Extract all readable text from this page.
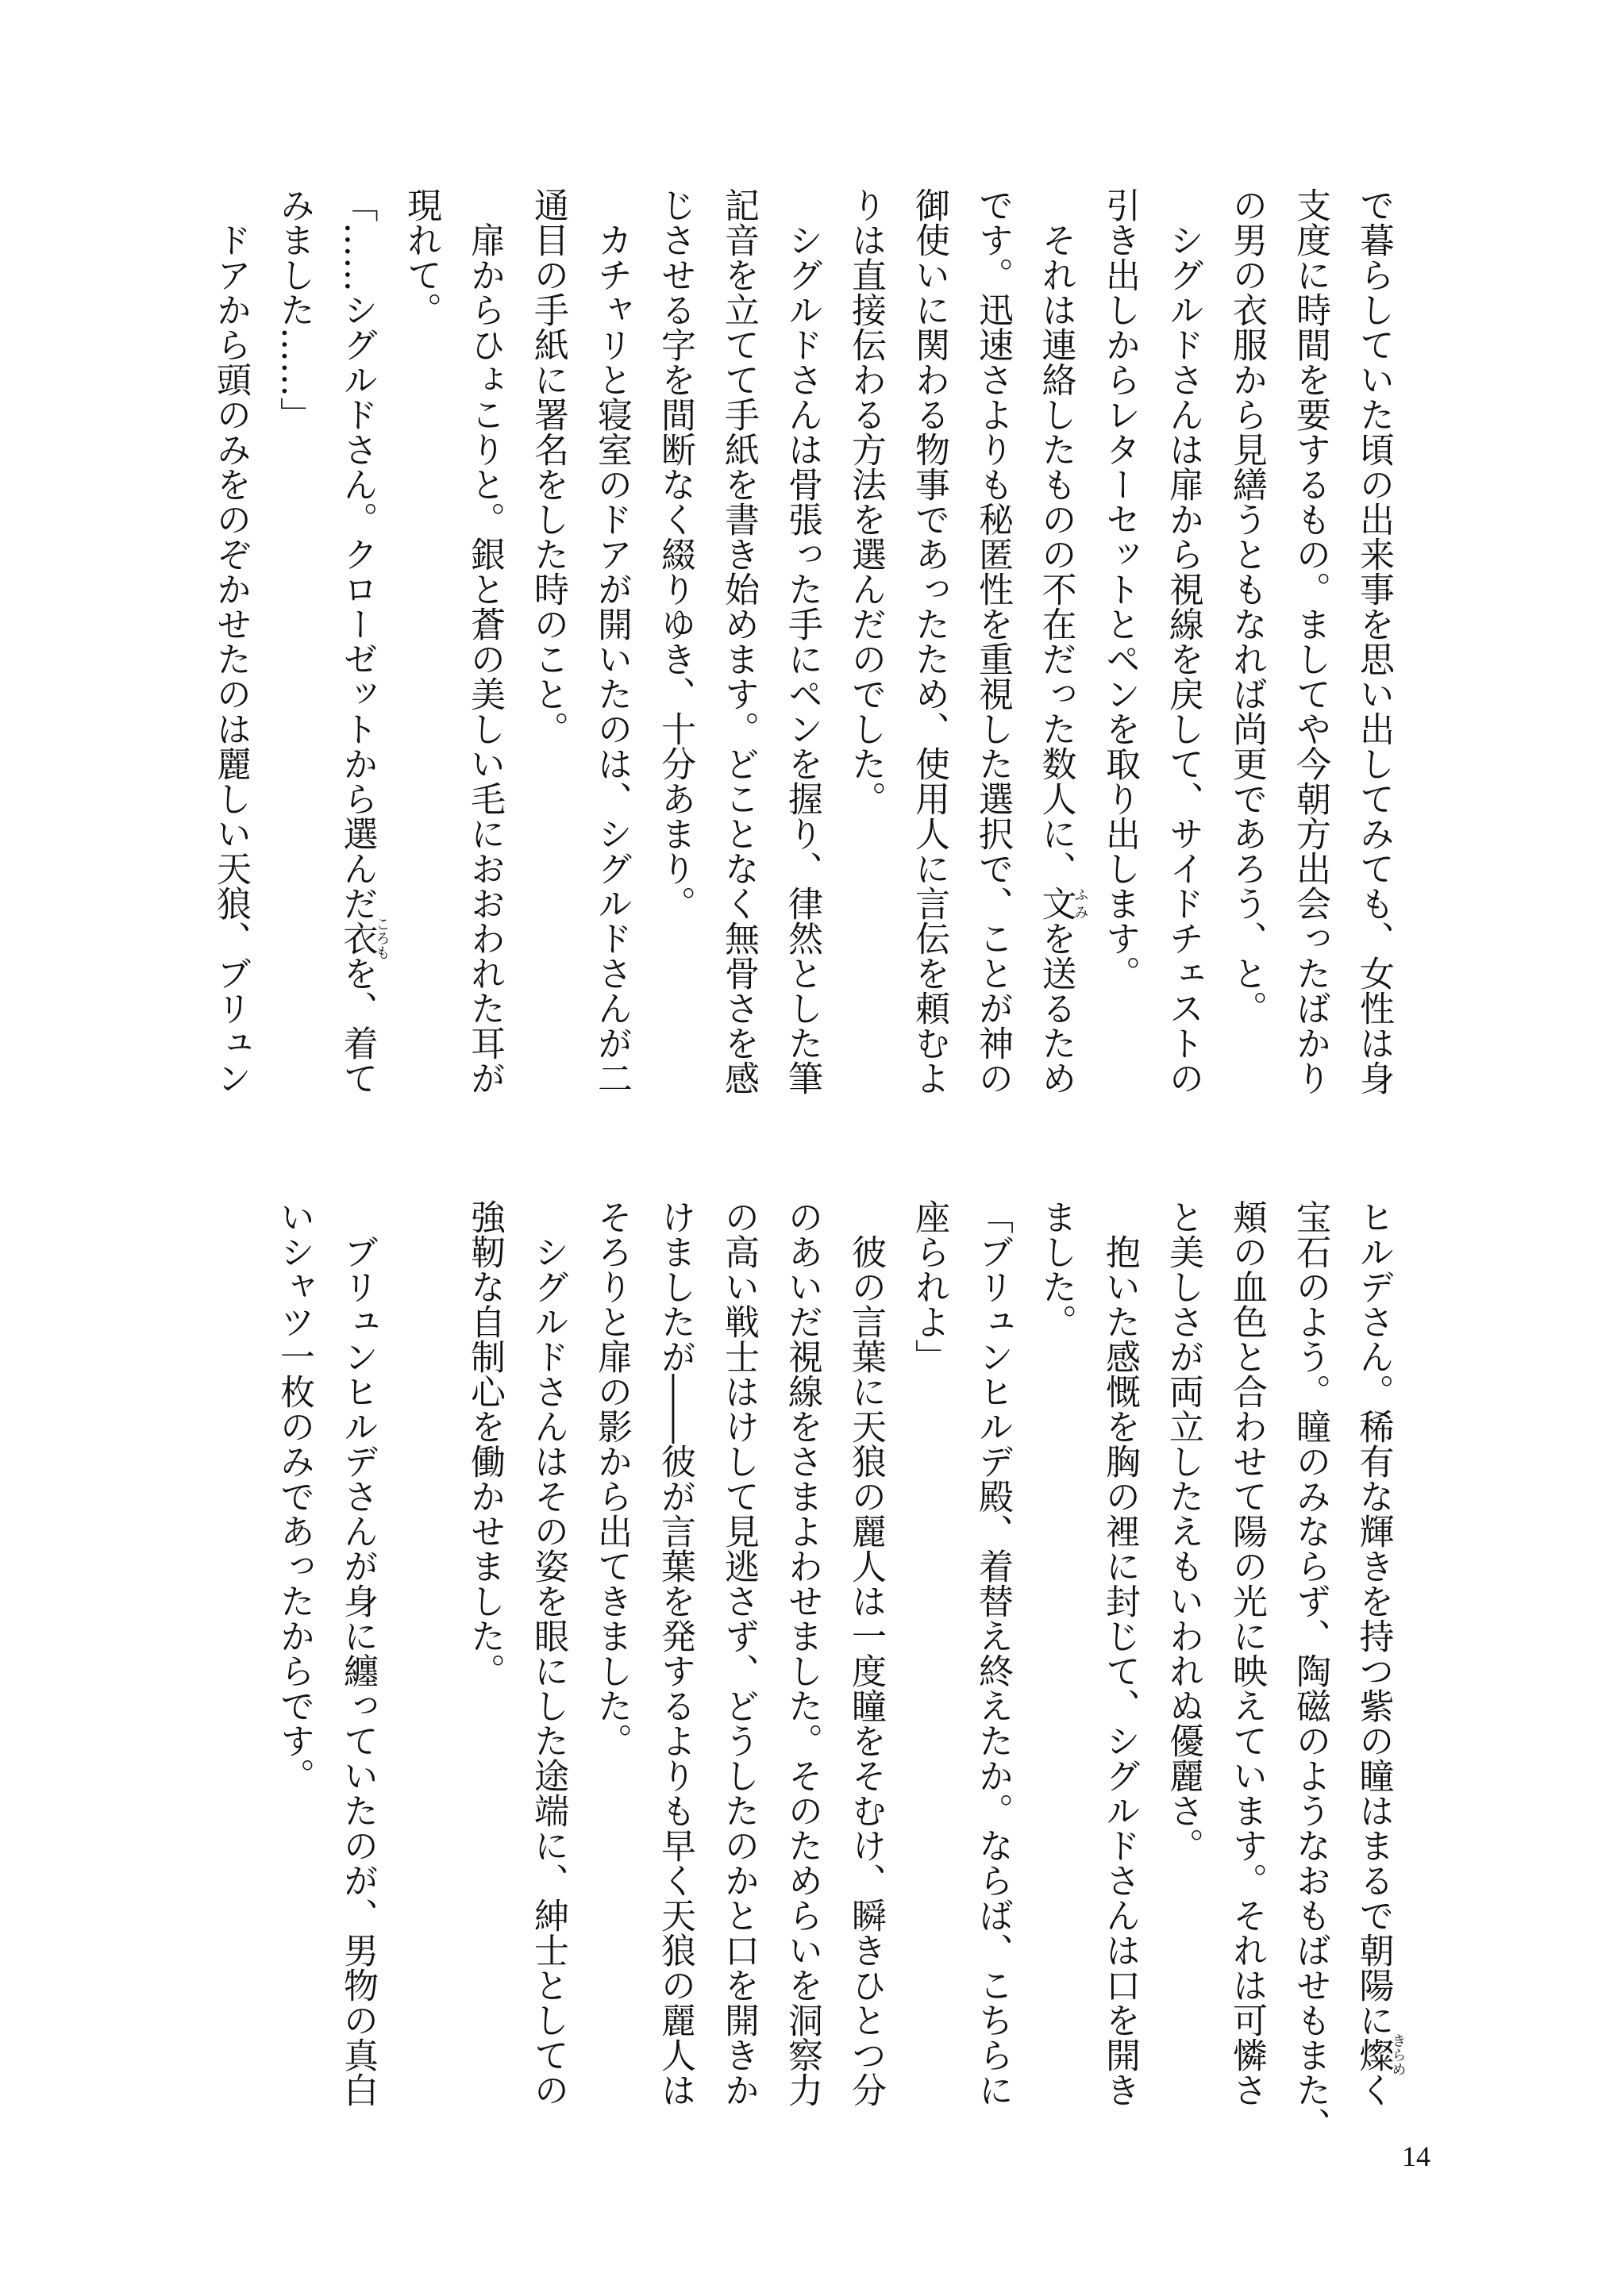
で暮らしていた頃の出来事を思い出してみても、女性は身
支度に時間を要するもの。ましてや今朝方出会ったばかり
の男の衣服から見繕うともなれば尚更であろう、と。
　シグルドさんは扉から視線を戻して、サイドチェストの
引き出しからレターセットとペンを取り出します。
　それは連絡したものの不在だった数人に、文ふみを送るため
です。迅速さよりも秘匿性を重視した選択で、ことが神の
御使いに関わる物事であったため、使用人に言伝を頼むよ
りは直接伝わる方法を選んだのでした。
　シグルドさんは骨張った手にペンを握り、律然とした筆
記音を立てて手紙を書き始めます。どことなく無骨さを感
じさせる字を間断なく綴りゆき、十分あまり。
　カチャリと寝室のドアが開いたのは、シグルドさんが二
通目の手紙に署名をした時のこと。
　扉からひょこりと。銀と蒼の美しい毛におおわれた耳が
現れて。
「……シグルドさん。クローゼットから選んだ衣ころもを、着て
みました……」
　ドアから頭のみをのぞかせたのは麗しい天狼、ブリュン
ヒルデさん。稀有な輝きを持つ紫の瞳はまるで朝陽に燦きらめく
宝石のよう。瞳のみならず、陶磁のようなおもばせもまた、
頬の血色と合わせて陽の光に映えています。それは可憐さ
と美しさが両立したえもいわれぬ優麗さ。
　抱いた感慨を胸の裡に封じて、シグルドさんは口を開き
ました。
「ブリュンヒルデ殿、着替え終えたか。ならば、こちらに
座られよ」
　彼の言葉に天狼の麗人は一度瞳をそむけ、瞬きひとつ分
のあいだ視線をさまよわせました。そのためらいを洞察力
の高い戦士はけして見逃さず、どうしたのかと口を開きか
けましたが――彼が言葉を発するよりも早く天狼の麗人は
そろりと扉の影から出てきました。
　シグルドさんはその姿を眼にした途端に、紳士としての
強靭な自制心を働かせました。
　ブリュンヒルデさんが身に纏っていたのが、男物の真白
いシャツ一枚のみであったからです。
14
